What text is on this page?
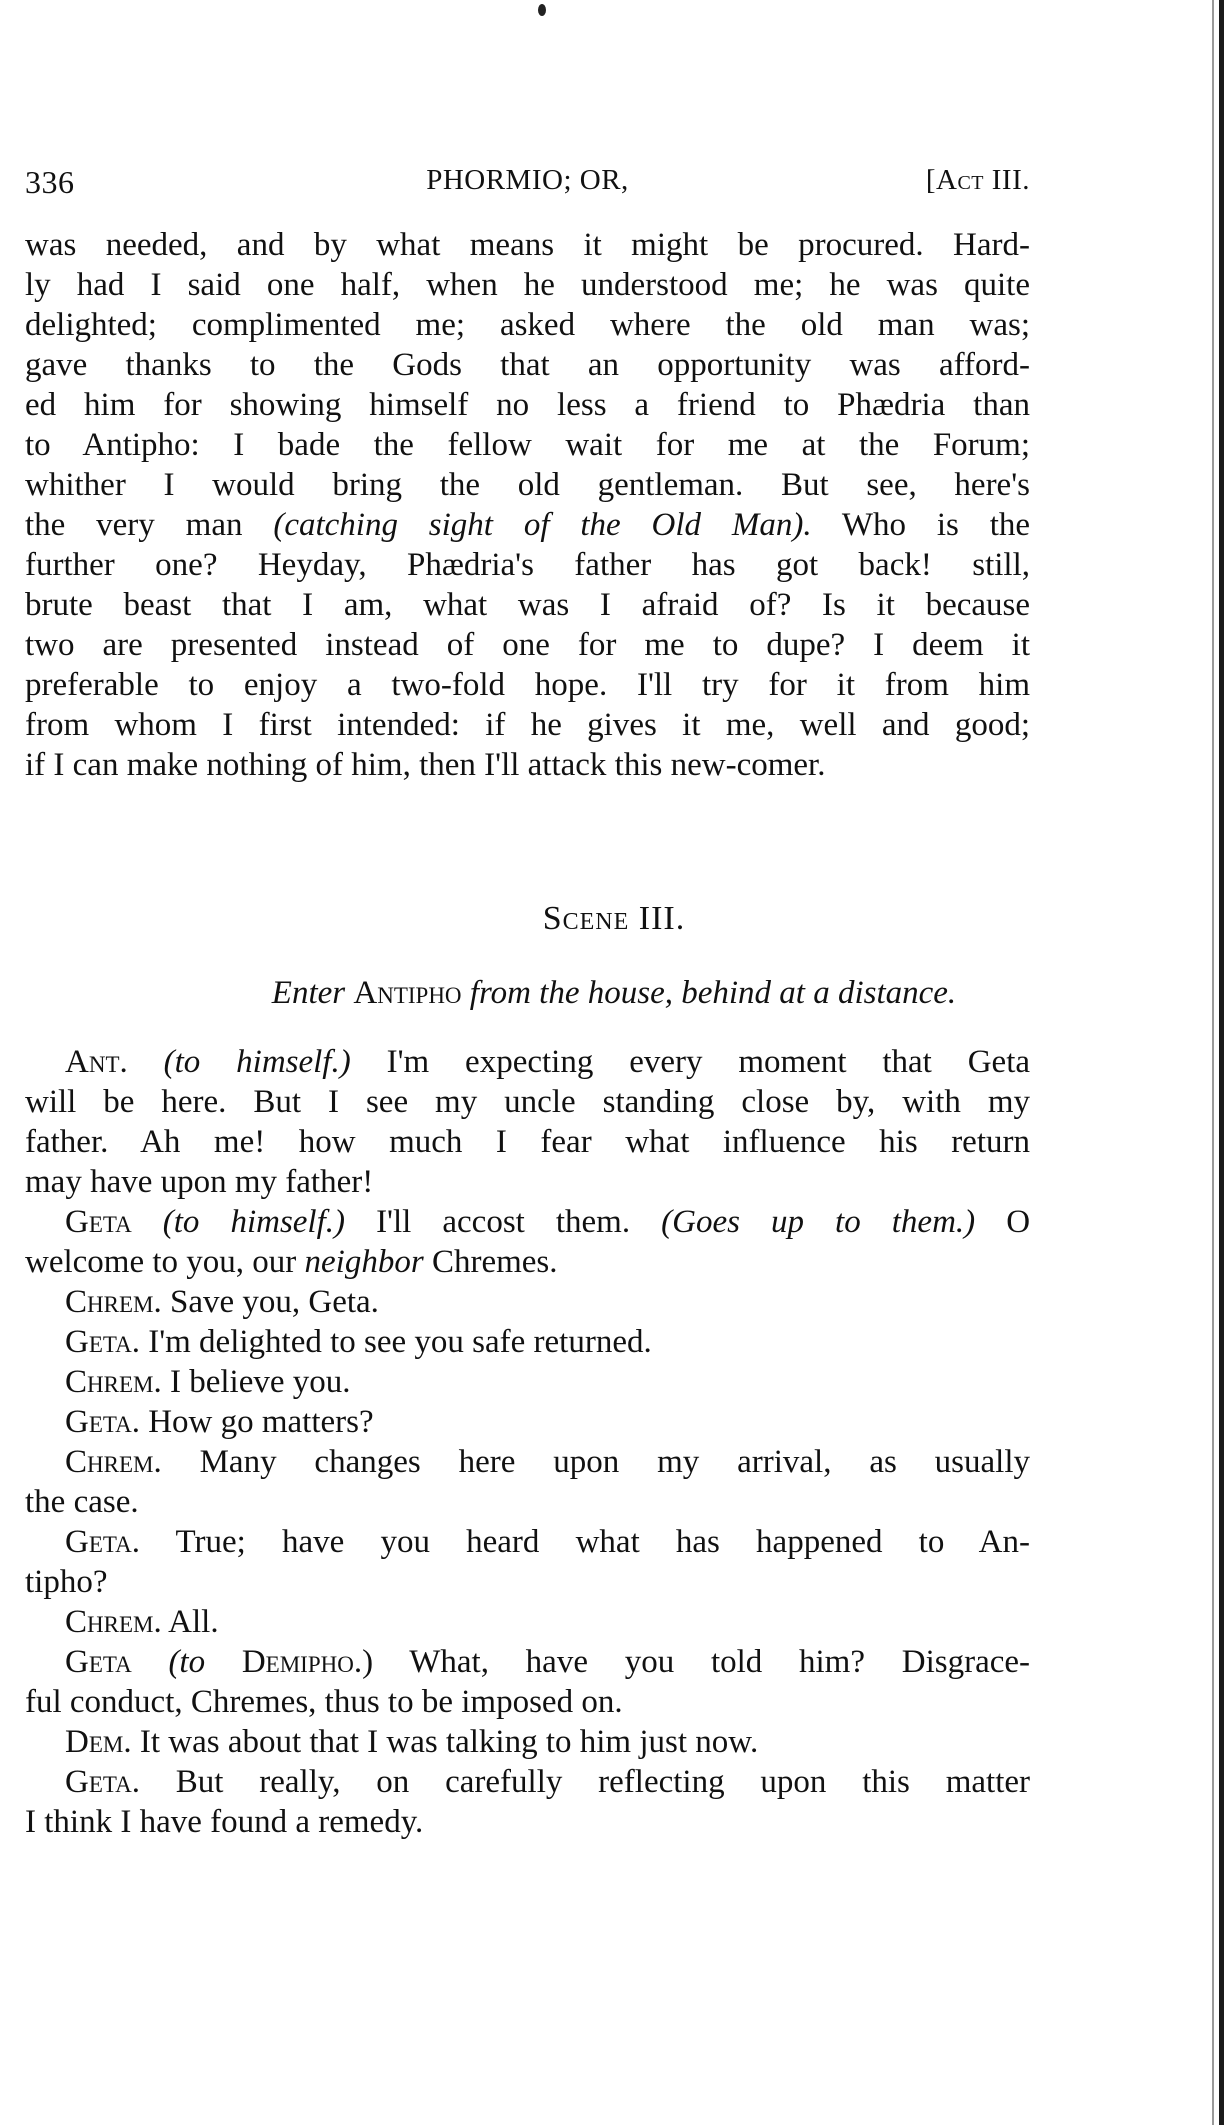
336	PHORMIO; OR,	[Act III.
was needed, and by what means it might be procured. Hard-
ly had I said one half, when he understood me; he was quite
delighted; complimented me; asked where the old man was;
gave thanks to the Gods that an opportunity was afford-
ed him for showing himself no less a friend to Phædria than
to Antipho: I bade the fellow wait for me at the Forum;
whither I would bring the old gentleman. But see, here's
the very man (catching sight of the Old Man). Who is the
further one? Heyday, Phædria's father has got back! still,
brute beast that I am, what was I afraid of? Is it because
two are presented instead of one for me to dupe? I deem it
preferable to enjoy a two-fold hope. I'll try for it from him
from whom I first intended: if he gives it me, well and good;
if I can make nothing of him, then I'll attack this new-comer.
Scene III.
Enter Antipho from the house, behind at a distance.
Ant. (to himself.) I'm expecting every moment that Geta
will be here. But I see my uncle standing close by, with my
father. Ah me! how much I fear what influence his return
may have upon my father!
Geta (to himself.) I'll accost them. (Goes up to them.) O
welcome to you, our neighbor Chremes.
Chrem. Save you, Geta.
Geta. I'm delighted to see you safe returned.
Chrem. I believe you.
Geta. How go matters?
Chrem. Many changes here upon my arrival, as usually
the case.
Geta. True; have you heard what has happened to An-
tipho?
Chrem. All.
Geta (to Demipho.) What, have you told him? Disgrace-
ful conduct, Chremes, thus to be imposed on.
Dem. It was about that I was talking to him just now.
Geta. But really, on carefully reflecting upon this matter
I think I have found a remedy.
